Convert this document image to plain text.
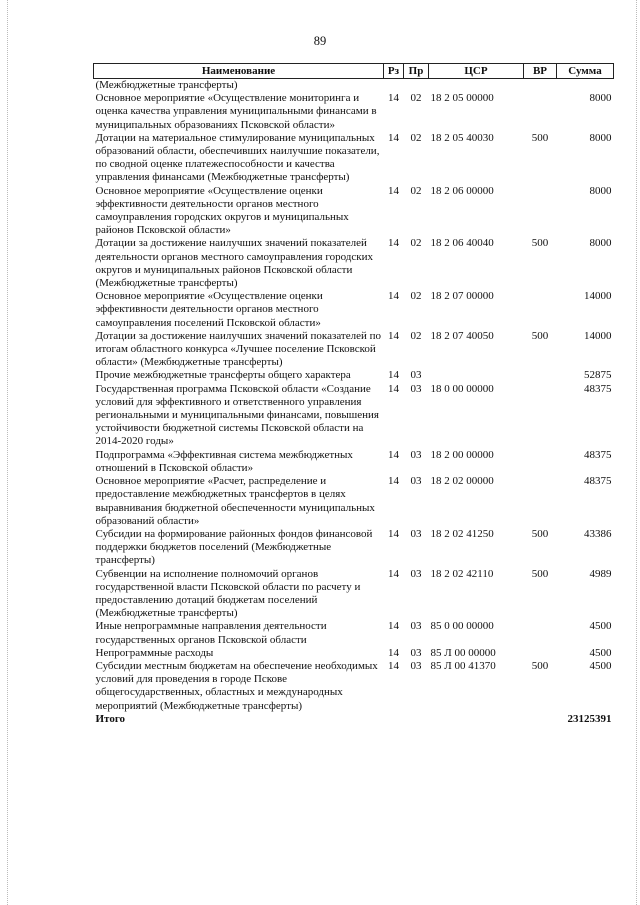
89
Наименование	Рз	Пр	ЦСР	ВР	Сумма
(Межбюджетные трансферты)					
Основное мероприятие «Осуществление мониторинга и оценка качества управления муниципальными финансами в муниципальных образованиях Псковской области»	14	02	18 2 05 00000		8000
Дотации на материальное стимулирование муниципальных образований области, обеспечивших наилучшие показатели, по сводной оценке платежеспособности и качества управления финансами (Межбюджетные трансферты)	14	02	18 2 05 40030	500	8000
Основное мероприятие «Осуществление оценки эффективности деятельности органов местного самоуправления городских округов и муниципальных районов Псковской области»	14	02	18 2 06 00000		8000
Дотации за достижение наилучших значений показателей деятельности органов местного самоуправления городских округов и муниципальных районов Псковской области (Межбюджетные трансферты)	14	02	18 2 06 40040	500	8000
Основное мероприятие «Осуществление оценки эффективности деятельности органов местного самоуправления поселений Псковской области»	14	02	18 2 07 00000		14000
Дотации за достижение наилучших значений показателей по итогам областного конкурса «Лучшее поселение Псковской области» (Межбюджетные трансферты)	14	02	18 2 07 40050	500	14000
Прочие межбюджетные трансферты общего характера	14	03			52875
Государственная программа Псковской области «Создание условий для эффективного и ответственного управления региональными и муниципальными финансами, повышения устойчивости бюджетной системы Псковской области на 2014-2020 годы»	14	03	18 0 00 00000		48375
Подпрограмма «Эффективная система межбюджетных отношений в Псковской области»	14	03	18 2 00 00000		48375
Основное мероприятие «Расчет, распределение и предоставление межбюджетных трансфертов в целях выравнивания бюджетной обеспеченности муниципальных образований области»	14	03	18 2 02 00000		48375
Субсидии на формирование районных фондов финансовой поддержки бюджетов поселений (Межбюджетные трансферты)	14	03	18 2 02 41250	500	43386
Субвенции на исполнение полномочий органов государственной власти Псковской области по расчету и предоставлению дотаций бюджетам поселений (Межбюджетные трансферты)	14	03	18 2 02 42110	500	4989
Иные непрограммные направления деятельности государственных органов Псковской области	14	03	85 0 00 00000		4500
Непрограммные расходы	14	03	85 Л 00 00000		4500
Субсидии местным бюджетам на обеспечение необходимых условий для проведения в городе Пскове общегосударственных, областных и международных мероприятий (Межбюджетные трансферты)	14	03	85 Л 00 41370	500	4500
Итого					23125391
